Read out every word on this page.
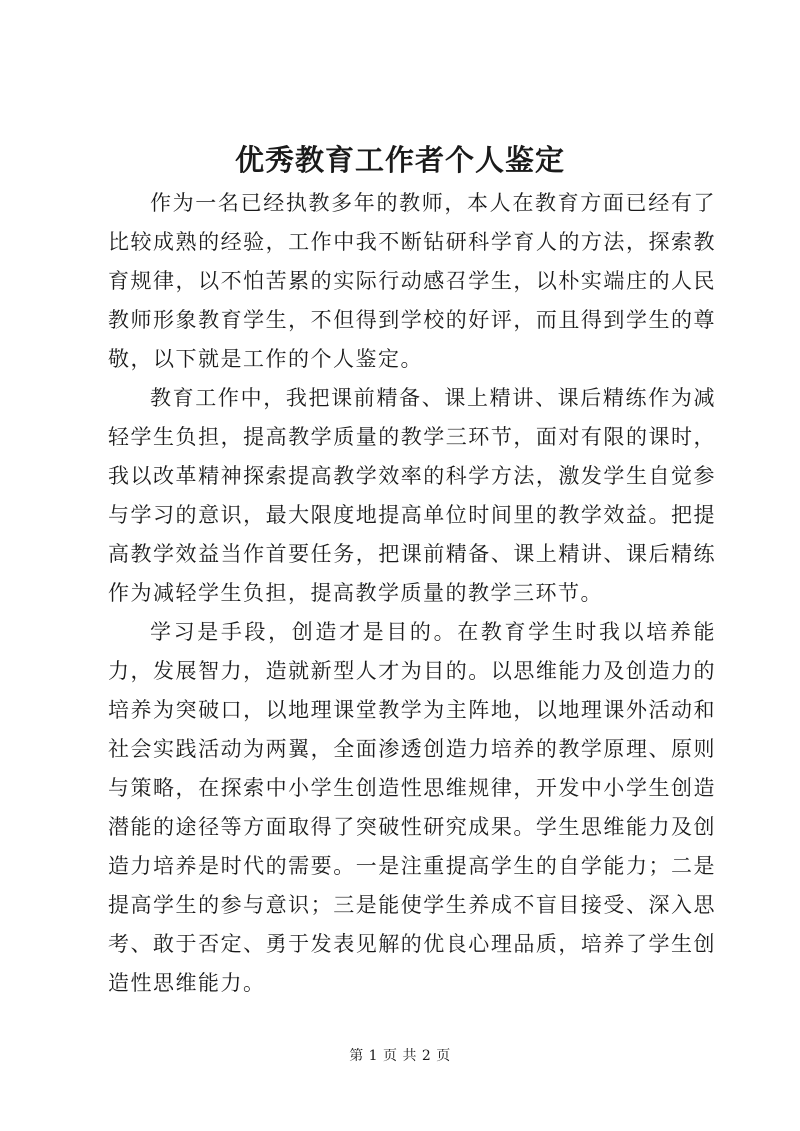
优秀教育工作者个人鉴定

作为一名已经执教多年的教师，本人在教育方面已经有了比较成熟的经验，工作中我不断钻研科学育人的方法，探索教育规律，以不怕苦累的实际行动感召学生，以朴实端庄的人民教师形象教育学生，不但得到学校的好评，而且得到学生的尊敬，以下就是工作的个人鉴定。

教育工作中，我把课前精备、课上精讲、课后精练作为减轻学生负担，提高教学质量的教学三环节，面对有限的课时，我以改革精神探索提高教学效率的科学方法，激发学生自觉参与学习的意识，最大限度地提高单位时间里的教学效益。把提高教学效益当作首要任务，把课前精备、课上精讲、课后精练作为减轻学生负担，提高教学质量的教学三环节。

学习是手段，创造才是目的。在教育学生时我以培养能力，发展智力，造就新型人才为目的。以思维能力及创造力的培养为突破口，以地理课堂教学为主阵地，以地理课外活动和社会实践活动为两翼，全面渗透创造力培养的教学原理、原则与策略，在探索中小学生创造性思维规律，开发中小学生创造潜能的途径等方面取得了突破性研究成果。学生思维能力及创造力培养是时代的需要。一是注重提高学生的自学能力；二是提高学生的参与意识；三是能使学生养成不盲目接受、深入思考、敢于否定、勇于发表见解的优良心理品质，培养了学生创造性思维能力。

第 1 页 共 2 页
